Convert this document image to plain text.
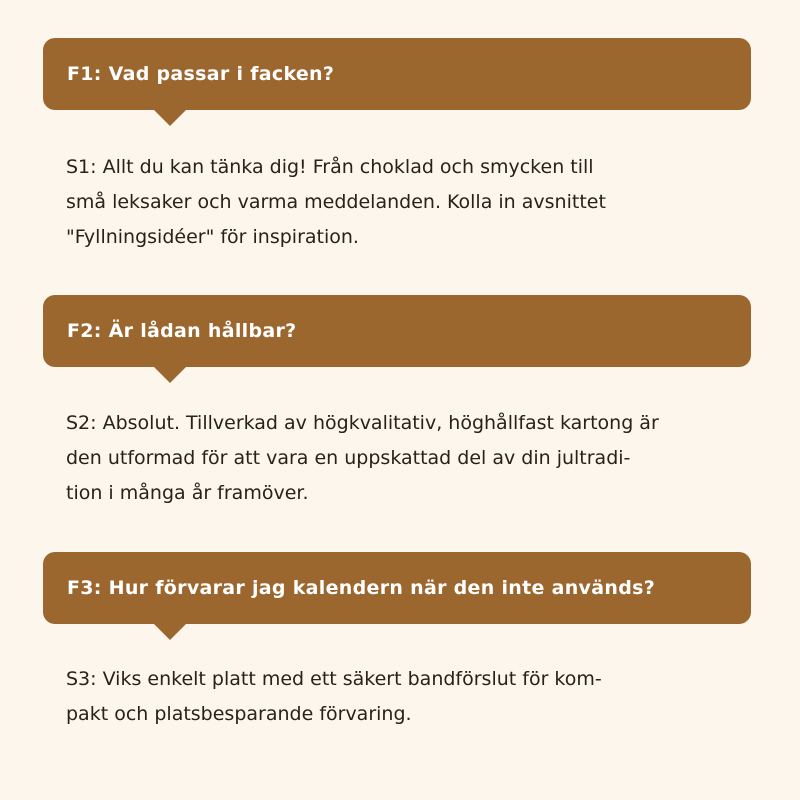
F1: Vad passar i facken?
S1: Allt du kan tänka dig! Från choklad och smycken till
små leksaker och varma meddelanden. Kolla in avsnittet
"Fyllningsidéer" för inspiration.
F2: Är lådan hållbar?
S2: Absolut. Tillverkad av högkvalitativ, höghållfast kartong är
den utformad för att vara en uppskattad del av din jultradi-
tion i många år framöver.
F3: Hur förvarar jag kalendern när den inte används?
S3: Viks enkelt platt med ett säkert bandförslut för kom-
pakt och platsbesparande förvaring.
